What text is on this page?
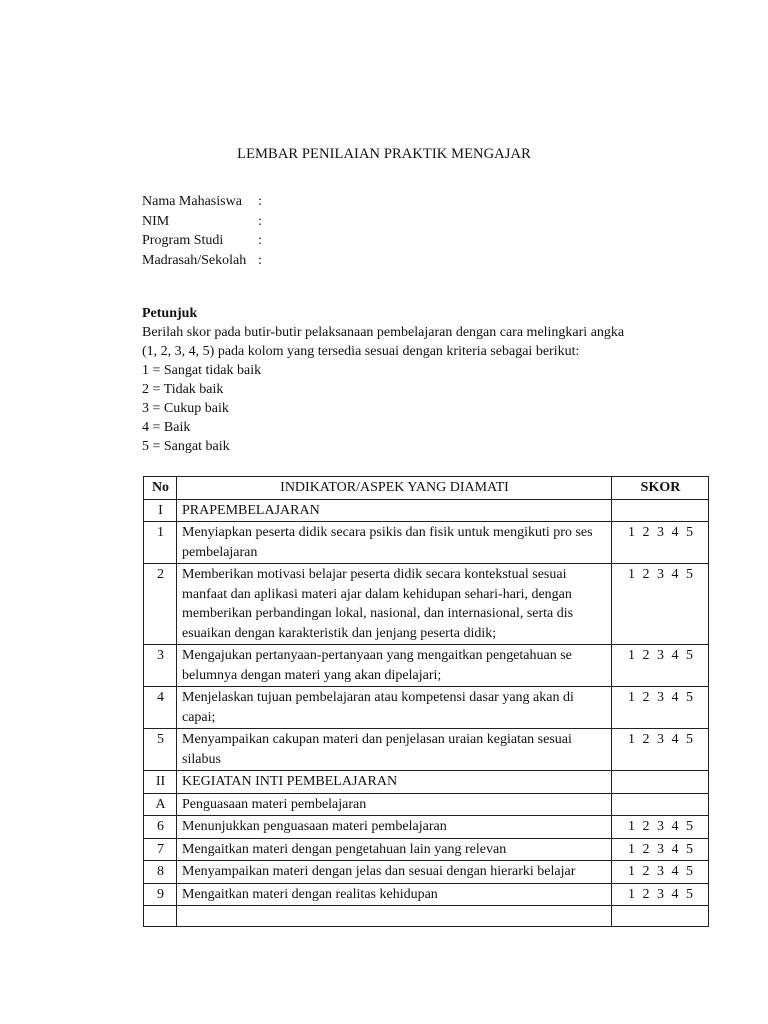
LEMBAR PENILAIAN PRAKTIK MENGAJAR
Nama Mahasiswa	:
NIM	:
Program Studi	:
Madrasah/Sekolah :
Petunjuk
Berilah skor pada butir-butir pelaksanaan pembelajaran dengan cara melingkari angka
(1, 2, 3, 4, 5) pada kolom yang tersedia sesuai dengan kriteria sebagai berikut:
1 = Sangat tidak baik
2 = Tidak baik
3 = Cukup baik
4 = Baik
5 = Sangat baik
No	INDIKATOR/ASPEK YANG DIAMATI	SKOR
I	PRAPEMBELAJARAN	
1	Menyiapkan peserta didik secara psikis dan fisik untuk mengikuti pro ses pembelajaran	1 2 3 4 5
2	Memberikan motivasi belajar peserta didik secara kontekstual sesuai manfaat dan aplikasi materi ajar dalam kehidupan sehari-hari, dengan memberikan perbandingan lokal, nasional, dan internasional, serta dis esuaikan dengan karakteristik dan jenjang peserta didik;	1 2 3 4 5
3	Mengajukan pertanyaan-pertanyaan yang mengaitkan pengetahuan se belumnya dengan materi yang akan dipelajari;	1 2 3 4 5
4	Menjelaskan tujuan pembelajaran atau kompetensi dasar yang akan di capai;	1 2 3 4 5
5	Menyampaikan cakupan materi dan penjelasan uraian kegiatan sesuai silabus	1 2 3 4 5
II	KEGIATAN INTI PEMBELAJARAN	
A	Penguasaan materi pembelajaran	
6	Menunjukkan penguasaan materi pembelajaran	1 2 3 4 5
7	Mengaitkan materi dengan pengetahuan lain yang relevan	1 2 3 4 5
8	Menyampaikan materi dengan jelas dan sesuai dengan hierarki belajar	1 2 3 4 5
9	Mengaitkan materi dengan realitas kehidupan	1 2 3 4 5
